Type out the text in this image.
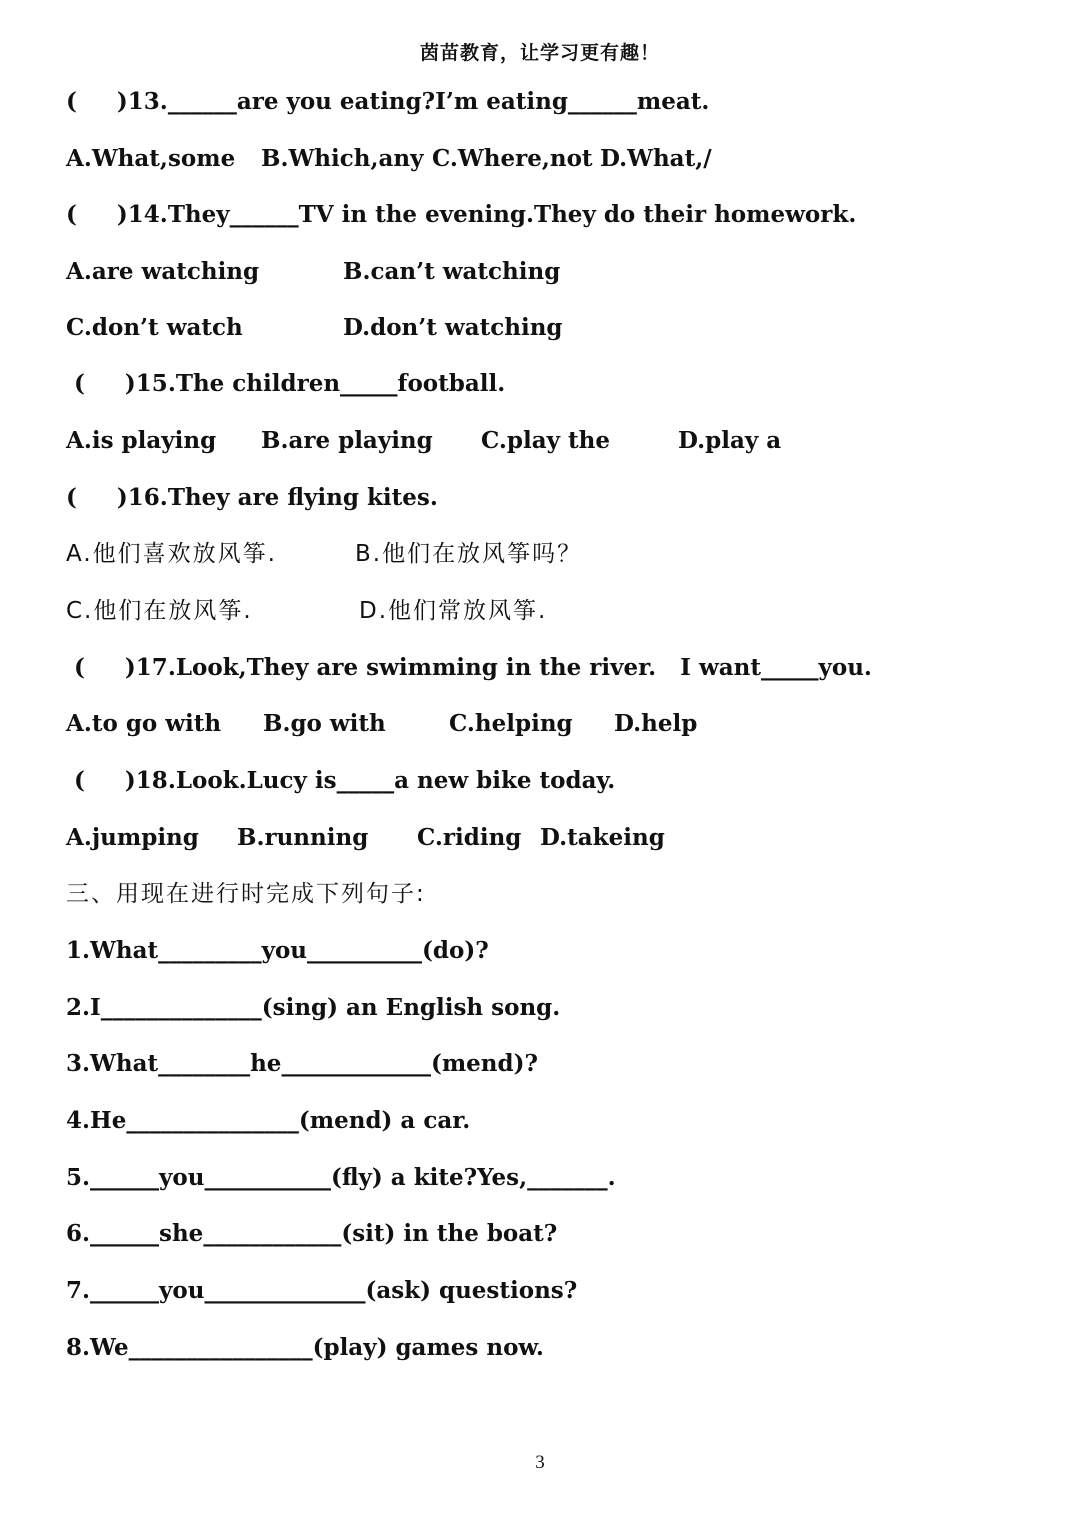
茵苗教育，让学习更有趣！
(     )13.______are you eating?I’m eating______meat.

A.What,some

B.Which,any

C.Where,not

D.What,/

(     )14.They______TV in the evening.They do their homework.

A.are watching

	B.can’t watching

C.don’t watch

	D.don’t watching

(     )15.The children_____football.

A.is playing

B.are playing

C.play the

	D.play a

(     )16.They are flying kites.

A.他们喜欢放风筝.

	B.他们在放风筝吗？

C.他们在放风筝.

	D.他们常放风筝.

(     )17.Look,They are swimming in the river.   I want_____you.

A.to go with

B.go with

	C.helping

D.help

(     )18.Look.Lucy is_____a new bike today.

A.jumping

B.running

C.riding

D.takeing

三、用现在进行时完成下列句子:
1.What_________you__________(do)?
2.I______________(sing) an English song.
3.What________he_____________(mend)?
4.He_______________(mend) a car.
5.______you___________(fly) a kite?Yes,_______.
6.______she____________(sit) in the boat?
7.______you______________(ask) questions?
8.We________________(play) games now.
3
